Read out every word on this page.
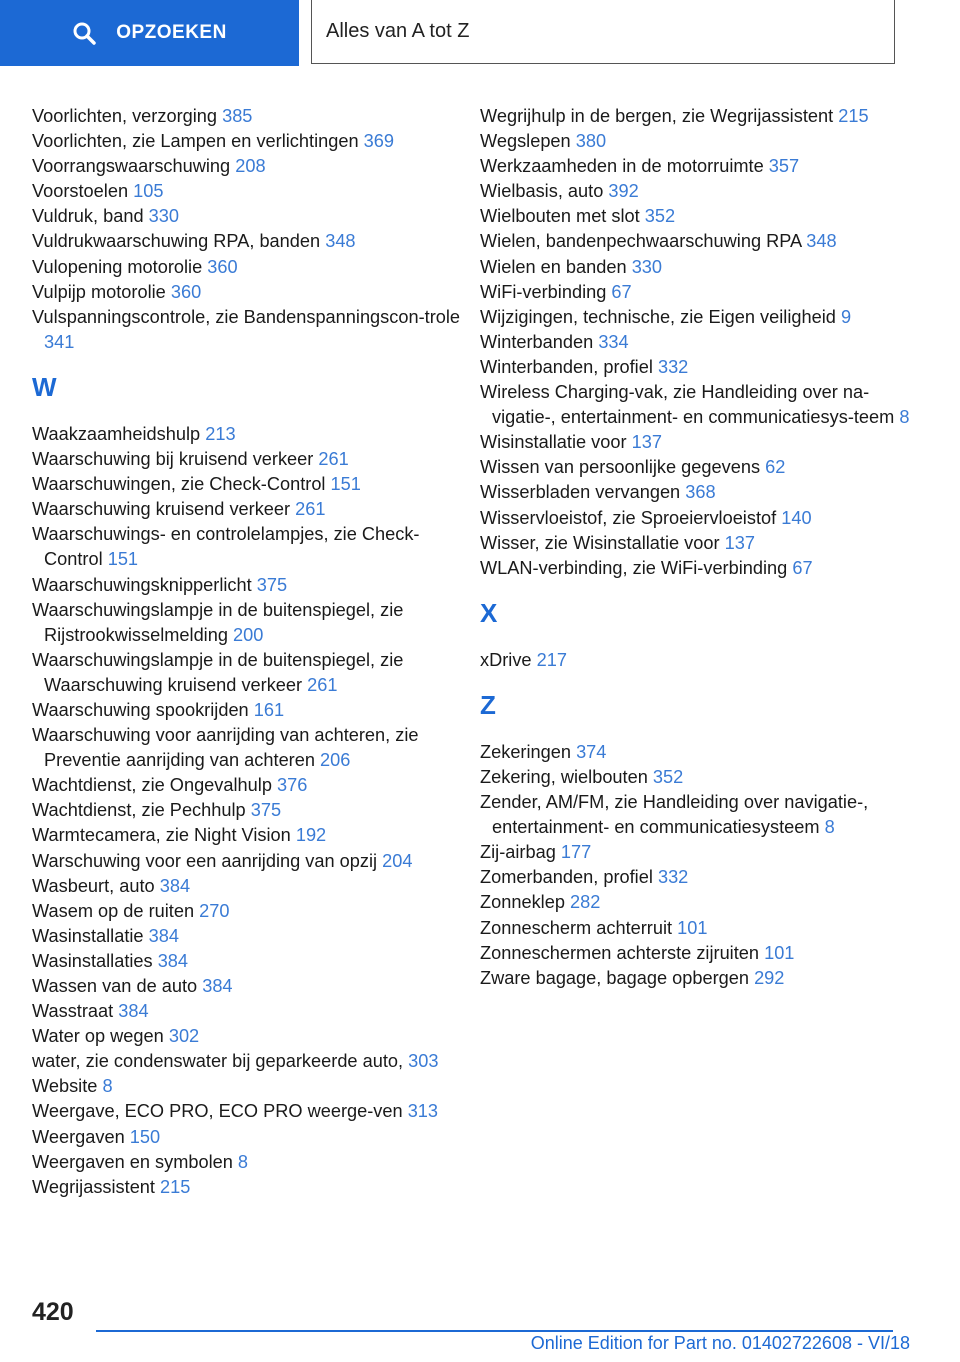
OPZOEKEN	Alles van A tot Z

Voorlichten, verzorging 385

Voorlichten, zie Lampen en verlichtingen 369

Voorrangswaarschuwing 208

Voorstoelen 105

Vuldruk, band 330

Vuldrukwaarschuwing RPA, banden 348

Vulopening motorolie 360

Vulpijp motorolie 360

Vulspanningscontrole, zie Bandenspanningscon-trole 341

W

Waakzaamheidshulp 213

Waarschuwing bij kruisend verkeer 261

Waarschuwingen, zie Check-Control 151

Waarschuwing kruisend verkeer 261

Waarschuwings- en controlelampjes, zie Check-Control 151

Waarschuwingsknipperlicht 375

Waarschuwingslampje in de buitenspiegel, zie Rijstrookwisselmelding 200

Waarschuwingslampje in de buitenspiegel, zie Waarschuwing kruisend verkeer 261

Waarschuwing spookrijden 161

Waarschuwing voor aanrijding van achteren, zie Preventie aanrijding van achteren 206

Wachtdienst, zie Ongevalhulp 376

Wachtdienst, zie Pechhulp 375

Warmtecamera, zie Night Vision 192

Warschuwing voor een aanrijding van opzij 204

Wasbeurt, auto 384

Wasem op de ruiten 270

Wasinstallatie 384

Wasinstallaties 384

Wassen van de auto 384

Wasstraat 384

Water op wegen 302

water, zie condenswater bij geparkeerde auto, 303

Website 8

Weergave, ECO PRO, ECO PRO weerge-ven 313

Weergaven 150

Weergaven en symbolen 8

Wegrijassistent 215

Wegrijhulp in de bergen, zie Wegrijassistent 215

Wegslepen 380

Werkzaamheden in de motorruimte 357

Wielbasis, auto 392

Wielbouten met slot 352

Wielen, bandenpechwaarschuwing RPA 348

Wielen en banden 330

WiFi-verbinding 67

Wijzigingen, technische, zie Eigen veiligheid 9

Winterbanden 334

Winterbanden, profiel 332

Wireless Charging-vak, zie Handleiding over na-vigatie-, entertainment- en communicatiesys-teem 8

Wisinstallatie voor 137

Wissen van persoonlijke gegevens 62

Wisserbladen vervangen 368

Wisservloeistof, zie Sproeiervloeistof 140

Wisser, zie Wisinstallatie voor 137

WLAN-verbinding, zie WiFi-verbinding 67

X

xDrive 217

Z

Zekeringen 374

Zekering, wielbouten 352

Zender, AM/FM, zie Handleiding over navigatie-, entertainment- en communicatiesysteem 8

Zij-airbag 177

Zomerbanden, profiel 332

Zonneklep 282

Zonnescherm achterruit 101

Zonneschermen achterste zijruiten 101

Zware bagage, bagage opbergen 292

420
Online Edition for Part no. 01402722608 - VI/18
